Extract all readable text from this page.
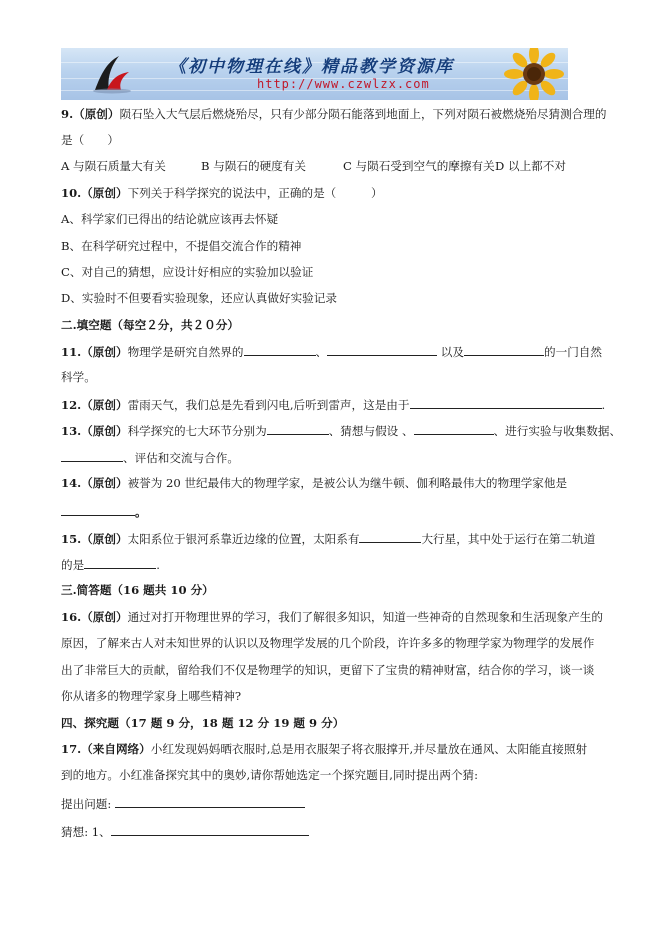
《初中物理在线》精品教学资源库
http://www.czwlzx.com
9.（原创）陨石坠入大气层后燃烧殆尽，只有少部分陨石能落到地面上，下列对陨石被燃烧殆尽猜测合理的
是（　　）
A 与陨石质量大有关	B 与陨石的硬度有关	C 与陨石受到空气的摩擦有关D 以上都不对
10.（原创）下列关于科学探究的说法中，正确的是（　　　）
A、科学家们已得出的结论就应该再去怀疑
B、在科学研究过程中，不提倡交流合作的精神
C、对自己的猜想，应设计好相应的实验加以验证
D、实验时不但要看实验现象，还应认真做好实验记录
二.填空题（每空２分，共２０分）
11.（原创）物理学是研究自然界的	、	以及	的一门自然
科学。
12.（原创）雷雨天气，我们总是先看到闪电,后听到雷声，这是由于	.
13.（原创）科学探究的七大环节分别为	、猜想与假设 、	、进行实验与收集数据、
、评估和交流与合作。
14.（原创）被誉为 20 世纪最伟大的物理学家，是被公认为继牛顿、伽利略最伟大的物理学家他是
。
15.（原创）太阳系位于银河系靠近边缘的位置，太阳系有	大行星，其中处于运行在第二轨道
的是	.
三.简答题（16 题共 10 分）
16.（原创）通过对打开物理世界的学习，我们了解很多知识，知道一些神奇的自然现象和生活现象产生的
原因，了解来古人对未知世界的认识以及物理学发展的几个阶段，许许多多的物理学家为物理学的发展作
出了非常巨大的贡献，留给我们不仅是物理学的知识，更留下了宝贵的精神财富，结合你的学习，谈一谈
你从诸多的物理学家身上哪些精神?
四、探究题（17 题 9 分，18 题 12 分 19 题 9 分）
17.（来自网络）小红发现妈妈晒衣服时,总是用衣服架子将衣服撑开,并尽量放在通风、太阳能直接照射
到的地方。小红准备探究其中的奥妙,请你帮她选定一个探究题目,同时提出两个猜:
提出问题:
猜想: 1、
